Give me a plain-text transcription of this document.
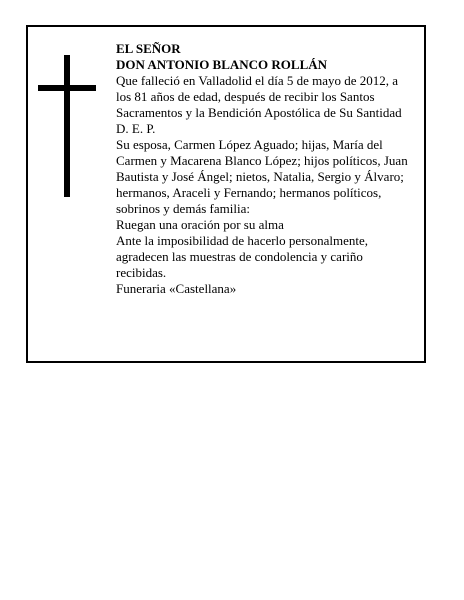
EL SEÑOR

DON ANTONIO BLANCO ROLLÁN

Que falleció en Valladolid el día 5 de mayo de 2012, a los 81 años de edad, después de recibir los Santos Sacramentos y la Bendición Apostólica de Su Santidad

D. E. P.

Su esposa, Carmen López Aguado; hijas, María del Carmen y Macarena Blanco López; hijos políticos, Juan Bautista y José Ángel; nietos, Natalia, Sergio y Álvaro; hermanos, Araceli y Fernando; hermanos políticos, sobrinos y demás familia:

Ruegan una oración por su alma

Ante la imposibilidad de hacerlo personalmente, agradecen las muestras de condolencia y cariño recibidas.

Funeraria «Castellana»
